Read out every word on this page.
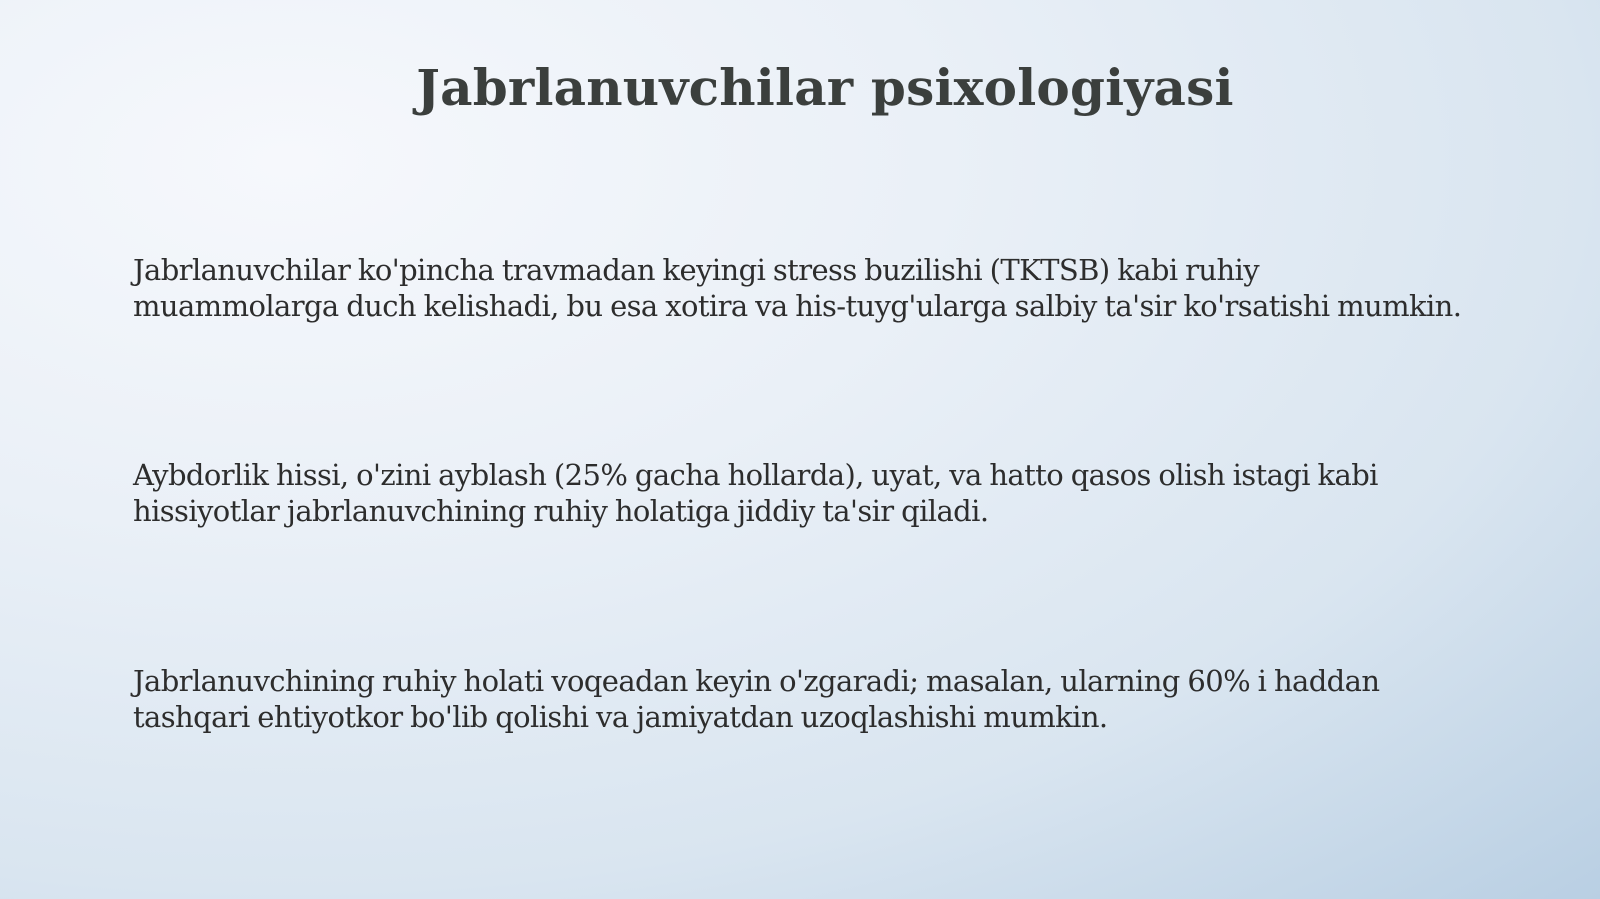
Jabrlanuvchilar psixologiyasi
Jabrlanuvchilar ko'pincha travmadan keyingi stress buzilishi (TKTSB) kabi ruhiy
muammolarga duch kelishadi, bu esa xotira va his-tuyg'ularga salbiy ta'sir ko'rsatishi mumkin.
Aybdorlik hissi, o'zini ayblash (25% gacha hollarda), uyat, va hatto qasos olish istagi kabi
hissiyotlar jabrlanuvchining ruhiy holatiga jiddiy ta'sir qiladi.
Jabrlanuvchining ruhiy holati voqeadan keyin o'zgaradi; masalan, ularning 60% i haddan
tashqari ehtiyotkor bo'lib qolishi va jamiyatdan uzoqlashishi mumkin.
